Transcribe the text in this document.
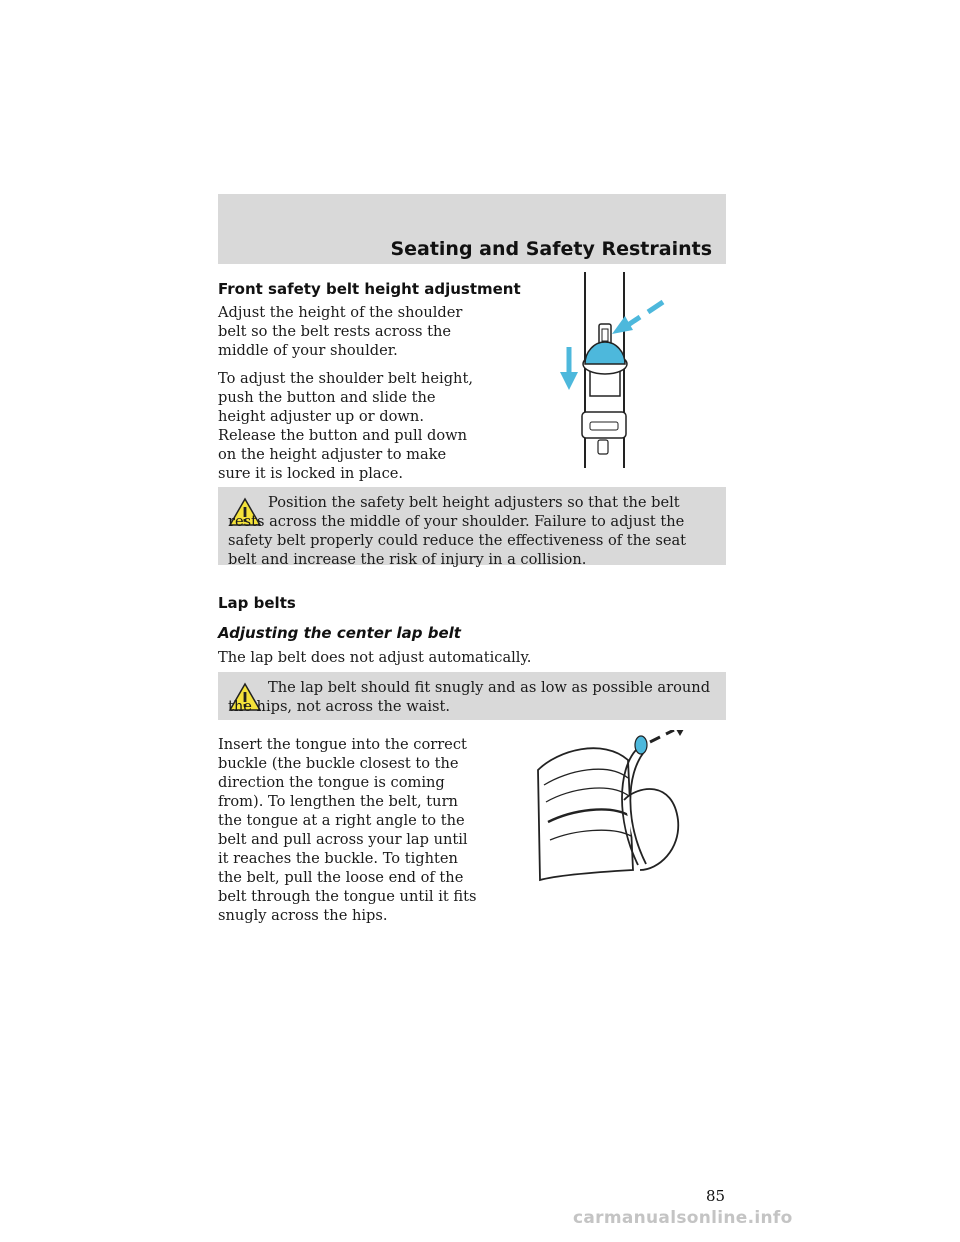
Seating and Safety Restraints
Front safety belt height adjustment

Adjust the height of the shoulder belt so the belt rests across the middle of your shoulder.

To adjust the shoulder belt height, push the button and slide the height adjuster up or down. Release the button and pull down on the height adjuster to make sure it is locked in place.

Position the safety belt height adjusters so that the belt rests across the middle of your shoulder. Failure to adjust the safety belt properly could reduce the effectiveness of the seat belt and increase the risk of injury in a collision.

Lap belts
Adjusting the center lap belt

The lap belt does not adjust automatically.

The lap belt should fit snugly and as low as possible around the hips, not across the waist.

Insert the tongue into the correct buckle (the buckle closest to the direction the tongue is coming from). To lengthen the belt, turn the tongue at a right angle to the belt and pull across your lap until it reaches the buckle. To tighten the belt, pull the loose end of the belt through the tongue until it fits snugly across the hips.

85
carmanualsonline.info
